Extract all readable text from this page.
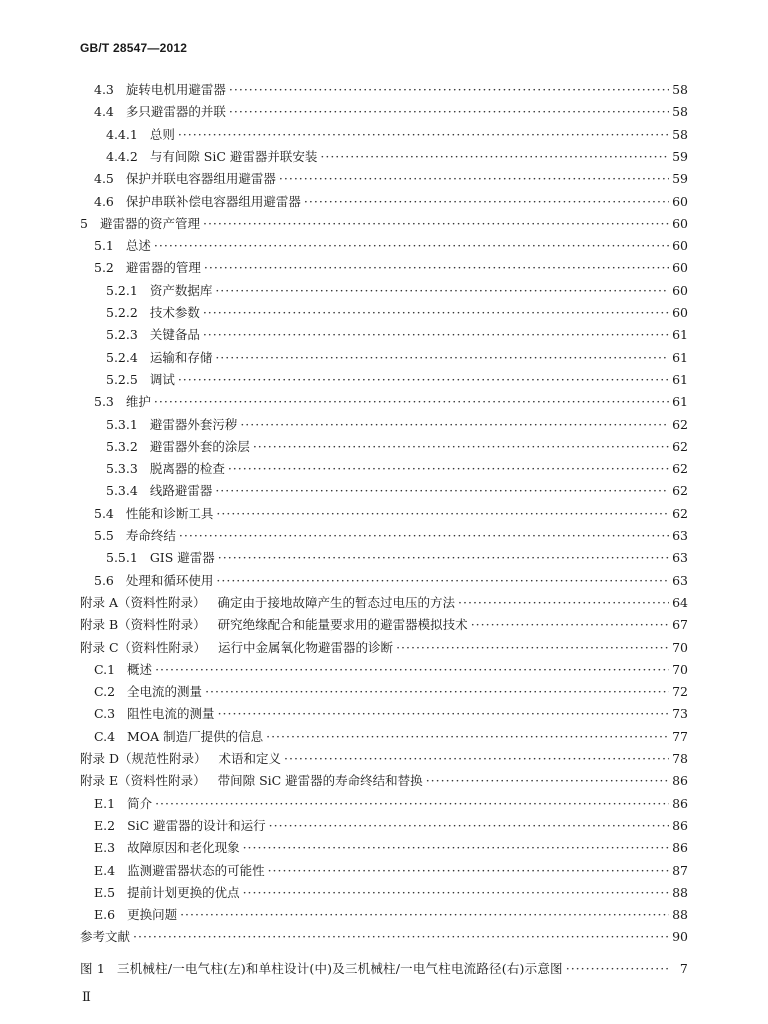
GB/T 28547—2012
4.3 旋转电机用避雷器 ·····	58
4.4 多只避雷器的并联 ·····	58
4.4.1 总则 ·····	58
4.4.2 与有间隙 SiC 避雷器并联安装 ·····	59
4.5 保护并联电容器组用避雷器 ·····	59
4.6 保护串联补偿电容器组用避雷器 ·····	60
5 避雷器的资产管理 ·····	60
5.1 总述 ·····	60
5.2 避雷器的管理 ·····	60
5.2.1 资产数据库 ·····	60
5.2.2 技术参数 ·····	60
5.2.3 关键备品 ·····	61
5.2.4 运输和存储 ·····	61
5.2.5 调试 ·····	61
5.3 维护 ·····	61
5.3.1 避雷器外套污秽 ·····	62
5.3.2 避雷器外套的涂层 ·····	62
5.3.3 脱离器的检查 ·····	62
5.3.4 线路避雷器 ·····	62
5.4 性能和诊断工具 ·····	62
5.5 寿命终结 ·····	63
5.5.1 GIS 避雷器 ·····	63
5.6 处理和循环使用 ·····	63
附录 A（资料性附录） 确定由于接地故障产生的暂态过电压的方法 ·····	64
附录 B（资料性附录） 研究绝缘配合和能量要求用的避雷器模拟技术 ·····	67
附录 C（资料性附录） 运行中金属氧化物避雷器的诊断 ·····	70
C.1 概述 ·····	70
C.2 全电流的测量 ·····	72
C.3 阻性电流的测量 ·····	73
C.4 MOA 制造厂提供的信息 ·····	77
附录 D（规范性附录） 术语和定义 ·····	78
附录 E（资料性附录） 带间隙 SiC 避雷器的寿命终结和替换 ·····	86
E.1 简介 ·····	86
E.2 SiC 避雷器的设计和运行 ·····	86
E.3 故障原因和老化现象 ·····	86
E.4 监测避雷器状态的可能性 ·····	87
E.5 提前计划更换的优点 ·····	88
E.6 更换问题 ·····	88
参考文献 ·····	90
图 1 三机械柱/一电气柱(左)和单柱设计(中)及三机械柱/一电气柱电流路径(右)示意图 ·····	7
Ⅱ
